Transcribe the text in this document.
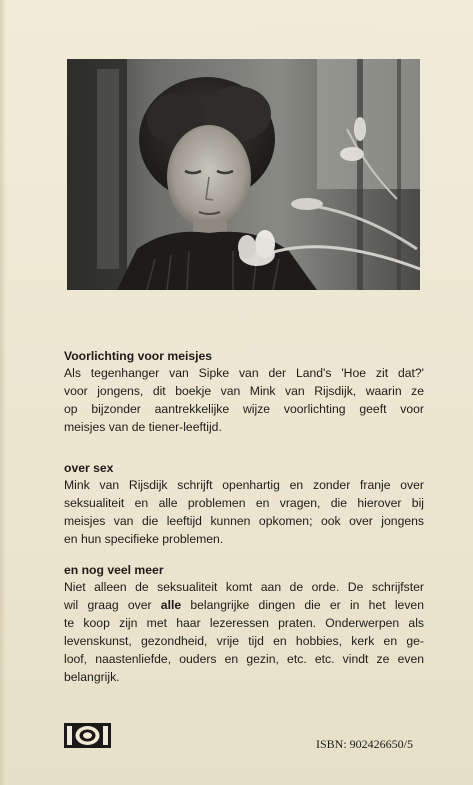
Voorlichting voor meisjes

Als tegenhanger van Sipke van der Land's 'Hoe zit dat?'
voor jongens, dit boekje van Mink van Rijsdijk, waarin ze
op bijzonder aantrekkelijke wijze voorlichting geeft voor
meisjes van de tiener-leeftijd.

over sex

Mink van Rijsdijk schrijft openhartig en zonder franje over
seksualiteit en alle problemen en vragen, die hierover bij
meisjes van die leeftijd kunnen opkomen; ook over jongens
en hun specifieke problemen.

en nog veel meer

Niet alleen de seksualiteit komt aan de orde. De schrijfster
wil graag over alle belangrijke dingen die er in het leven
te koop zijn met haar lezeressen praten. Onderwerpen als
levenskunst, gezondheid, vrije tijd en hobbies, kerk en ge-
loof, naastenliefde, ouders en gezin, etc. etc. vindt ze even
belangrijk.

ISBN: 902426650/5
